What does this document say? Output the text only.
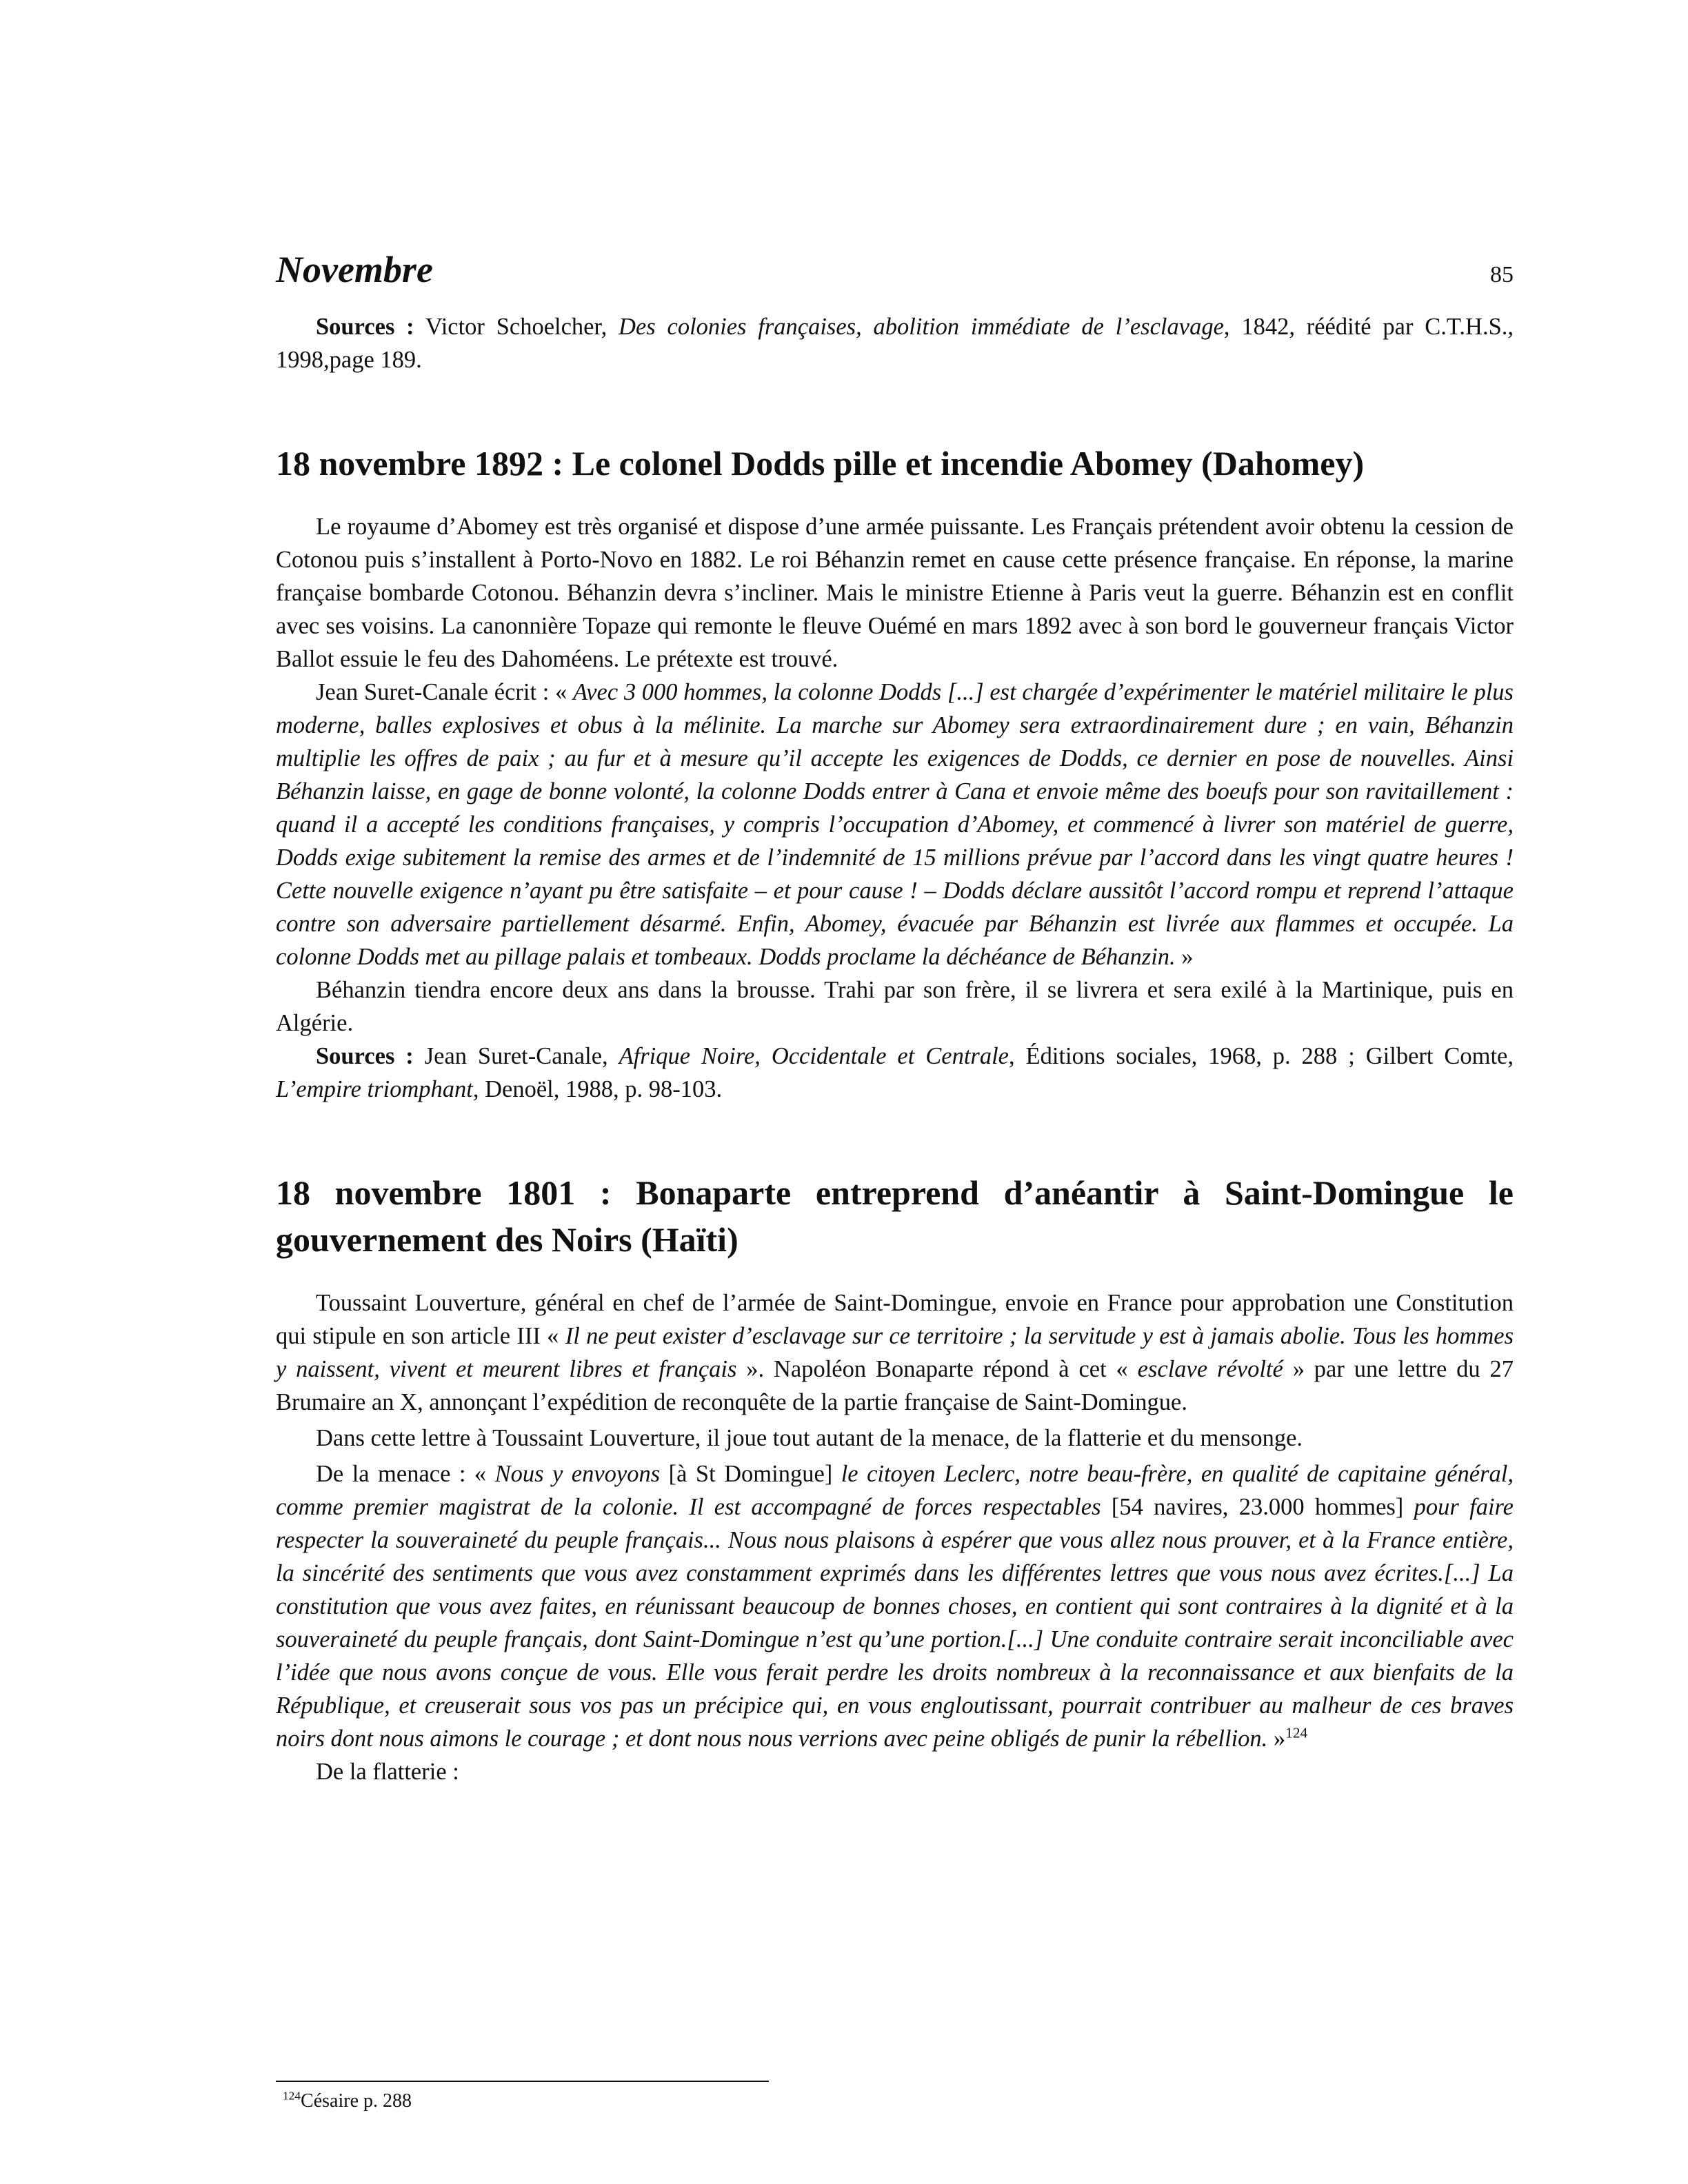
Novembre	85

Sources : Victor Schoelcher, Des colonies françaises, abolition immédiate de l’esclavage, 1842, réédité par C.T.H.S., 1998,page 189.

18 novembre 1892 : Le colonel Dodds pille et incendie Abomey (Dahomey)

Le royaume d’Abomey est très organisé et dispose d’une armée puissante. Les Français prétendent avoir obtenu la cession de Cotonou puis s’installent à Porto-Novo en 1882. Le roi Béhanzin remet en cause cette présence française. En réponse, la marine française bombarde Cotonou. Béhanzin devra s’incliner. Mais le ministre Etienne à Paris veut la guerre. Béhanzin est en conflit avec ses voisins. La canonnière Topaze qui remonte le fleuve Ouémé en mars 1892 avec à son bord le gouverneur français Victor Ballot essuie le feu des Dahoméens. Le prétexte est trouvé.

Jean Suret-Canale écrit : « Avec 3 000 hommes, la colonne Dodds [...] est chargée d’expérimenter le matériel militaire le plus moderne, balles explosives et obus à la mélinite. La marche sur Abomey sera extraordinairement dure ; en vain, Béhanzin multiplie les offres de paix ; au fur et à mesure qu’il accepte les exigences de Dodds, ce dernier en pose de nouvelles. Ainsi Béhanzin laisse, en gage de bonne volonté, la colonne Dodds entrer à Cana et envoie même des boeufs pour son ravitaillement : quand il a accepté les conditions françaises, y compris l’occupation d’Abomey, et commencé à livrer son matériel de guerre, Dodds exige subitement la remise des armes et de l’indemnité de 15 millions prévue par l’accord dans les vingt quatre heures ! Cette nouvelle exigence n’ayant pu être satisfaite – et pour cause ! – Dodds déclare aussitôt l’accord rompu et reprend l’attaque contre son adversaire partiellement désarmé. Enfin, Abomey, évacuée par Béhanzin est livrée aux flammes et occupée. La colonne Dodds met au pillage palais et tombeaux. Dodds proclame la déchéance de Béhanzin. »

Béhanzin tiendra encore deux ans dans la brousse. Trahi par son frère, il se livrera et sera exilé à la Martinique, puis en Algérie.

Sources : Jean Suret-Canale, Afrique Noire, Occidentale et Centrale, Éditions sociales, 1968, p. 288 ; Gilbert Comte, L’empire triomphant, Denoël, 1988, p. 98-103.

18 novembre 1801 : Bonaparte entreprend d’anéantir à Saint-Domingue le gouvernement des Noirs (Haïti)

Toussaint Louverture, général en chef de l’armée de Saint-Domingue, envoie en France pour approbation une Constitution qui stipule en son article III « Il ne peut exister d’esclavage sur ce territoire ; la servitude y est à jamais abolie. Tous les hommes y naissent, vivent et meurent libres et français ». Napoléon Bonaparte répond à cet « esclave révolté » par une lettre du 27 Brumaire an X, annonçant l’expédition de reconquête de la partie française de Saint-Domingue.

Dans cette lettre à Toussaint Louverture, il joue tout autant de la menace, de la flatterie et du mensonge.

De la menace : « Nous y envoyons [à St Domingue] le citoyen Leclerc, notre beau-frère, en qualité de capitaine général, comme premier magistrat de la colonie. Il est accompagné de forces respectables [54 navires, 23.000 hommes] pour faire respecter la souveraineté du peuple français... Nous nous plaisons à espérer que vous allez nous prouver, et à la France entière, la sincérité des sentiments que vous avez constamment exprimés dans les différentes lettres que vous nous avez écrites.[...] La constitution que vous avez faites, en réunissant beaucoup de bonnes choses, en contient qui sont contraires à la dignité et à la souveraineté du peuple français, dont Saint-Domingue n’est qu’une portion.[...] Une conduite contraire serait inconciliable avec l’idée que nous avons conçue de vous. Elle vous ferait perdre les droits nombreux à la reconnaissance et aux bienfaits de la République, et creuserait sous vos pas un précipice qui, en vous engloutissant, pourrait contribuer au malheur de ces braves noirs dont nous aimons le courage ; et dont nous nous verrions avec peine obligés de punir la rébellion. »$^{124}$

De la flatterie :

$^{124}$Césaire p. 288
